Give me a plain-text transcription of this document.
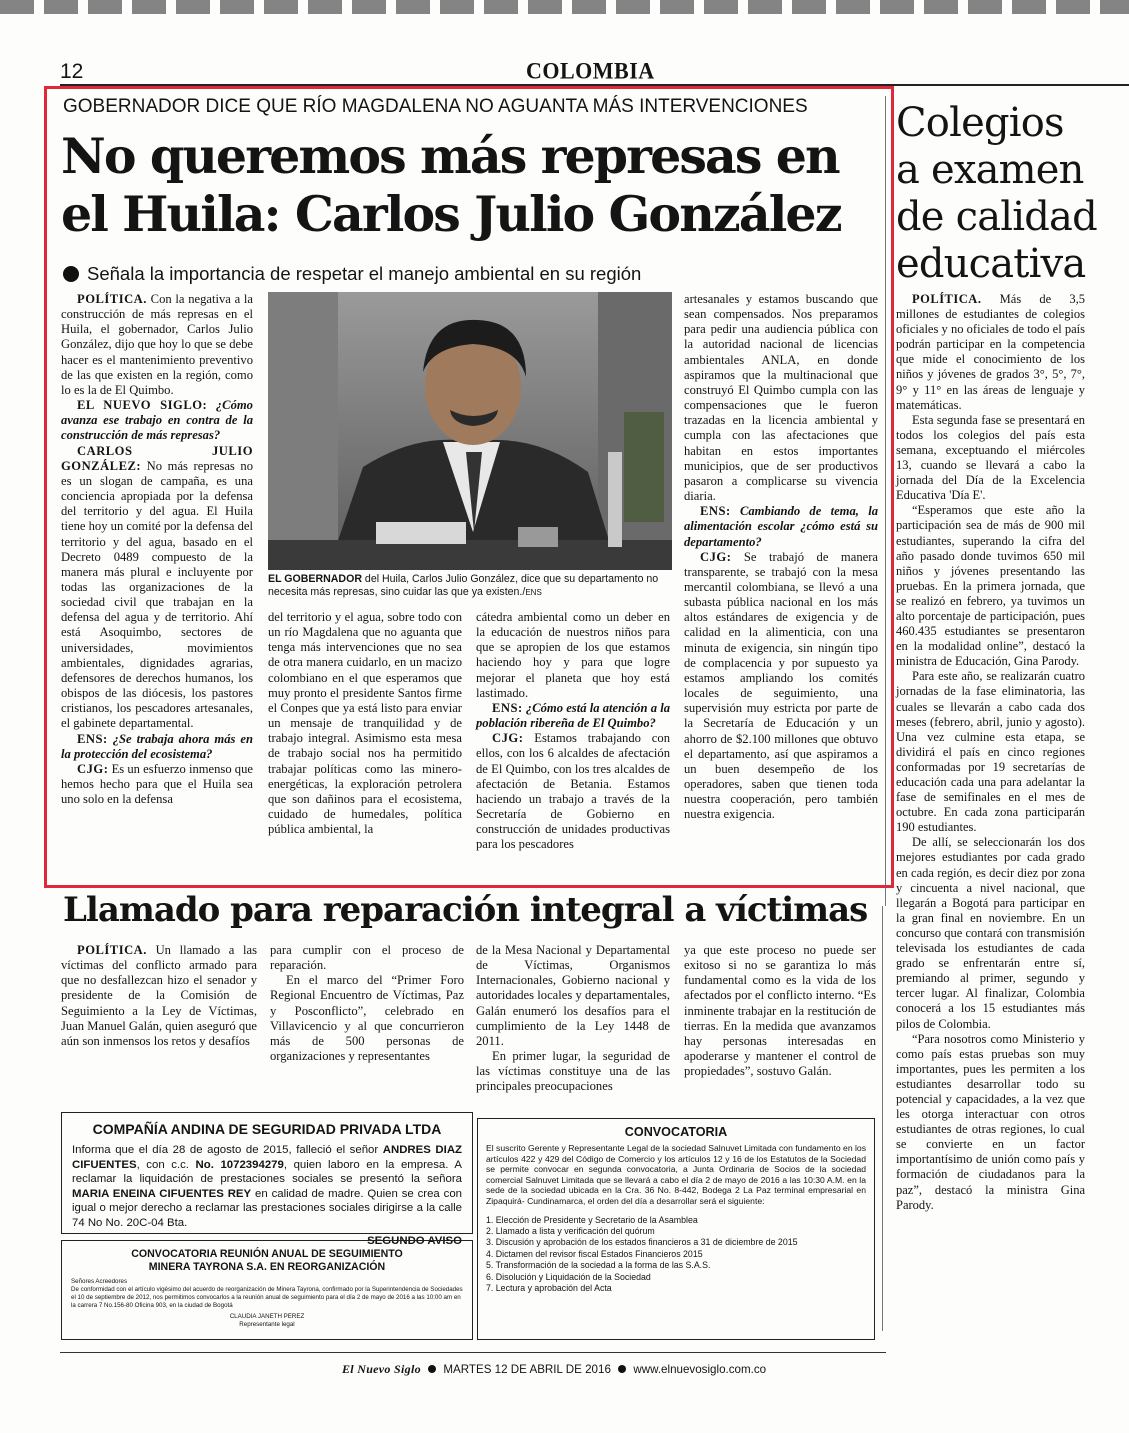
12	COLOMBIA
GOBERNADOR DICE QUE RÍO MAGDALENA NO AGUANTA MÁS INTERVENCIONES
No queremos más represas en
el Huila: Carlos Julio González
Señala la importancia de respetar el manejo ambiental en su región

POLÍTICA. Con la negativa a la construcción de más represas en el Huila, el gobernador, Carlos Julio González, dijo que hoy lo que se debe hacer es el mantenimiento preventivo de las que existen en la región, como lo es la de El Quimbo.

EL NUEVO SIGLO: ¿Cómo avanza ese trabajo en contra de la construcción de más represas?

CARLOS JULIO GONZÁLEZ: No más represas no es un slogan de campaña, es una conciencia apropiada por la defensa del territorio y del agua. El Huila tiene hoy un comité por la defensa del territorio y del agua, basado en el Decreto 0489 compuesto de la manera más plural e incluyente por todas las organizaciones de la sociedad civil que trabajan en la defensa del agua y de territorio. Ahí está Asoquimbo, sectores de universidades, movimientos ambientales, dignidades agrarias, defensores de derechos humanos, los obispos de las diócesis, los pastores cristianos, los pescadores artesanales, el gabinete departamental.

ENS: ¿Se trabaja ahora más en la protección del ecosistema?

CJG: Es un esfuerzo inmenso que hemos hecho para que el Huila sea uno solo en la defensa

EL GOBERNADOR del Huila, Carlos Julio González, dice que su departamento no necesita más represas, sino cuidar las que ya existen./ENS

del territorio y el agua, sobre todo con un río Magdalena que no aguanta que tenga más intervenciones que no sea de otra manera cuidarlo, en un macizo colombiano en el que esperamos que muy pronto el presidente Santos firme el Conpes que ya está listo para enviar un mensaje de tranquilidad y de trabajo integral. Asimismo esta mesa de trabajo social nos ha permitido trabajar políticas como las minero-energéticas, la exploración petrolera que son dañinos para el ecosistema, cuidado de humedales, política pública ambiental, la

cátedra ambiental como un deber en la educación de nuestros niños para que se apropien de los que estamos haciendo hoy y para que logre mejorar el planeta que hoy está lastimado.

ENS: ¿Cómo está la atención a la población ribereña de El Quimbo?

CJG: Estamos trabajando con ellos, con los 6 alcaldes de afectación de El Quimbo, con los tres alcaldes de afectación de Betania. Estamos haciendo un trabajo a través de la Secretaría de Gobierno en construcción de unidades productivas para los pescadores

artesanales y estamos buscando que sean compensados. Nos preparamos para pedir una audiencia pública con la autoridad nacional de licencias ambientales ANLA, en donde aspiramos que la multinacional que construyó El Quimbo cumpla con las compensaciones que le fueron trazadas en la licencia ambiental y cumpla con las afectaciones que habitan en estos importantes municipios, que de ser productivos pasaron a complicarse su vivencia diaria.

ENS: Cambiando de tema, la alimentación escolar ¿cómo está su departamento?

CJG: Se trabajó de manera transparente, se trabajó con la mesa mercantil colombiana, se llevó a una subasta pública nacional en los más altos estándares de exigencia y de calidad en la alimenticia, con una minuta de exigencia, sin ningún tipo de complacencia y por supuesto ya estamos ampliando los comités locales de seguimiento, una supervisión muy estricta por parte de la Secretaría de Educación y un ahorro de $2.100 millones que obtuvo el departamento, así que aspiramos a un buen desempeño de los operadores, saben que tienen toda nuestra cooperación, pero también nuestra exigencia.

Colegios
a examen
de calidad
educativa

POLÍTICA. Más de 3,5 millones de estudiantes de colegios oficiales y no oficiales de todo el país podrán participar en la competencia que mide el conocimiento de los niños y jóvenes de grados 3°, 5°, 7°, 9° y 11° en las áreas de lenguaje y matemáticas.

Esta segunda fase se presentará en todos los colegios del país esta semana, exceptuando el miércoles 13, cuando se llevará a cabo la jornada del Día de la Excelencia Educativa 'Día E'.

“Esperamos que este año la participación sea de más de 900 mil estudiantes, superando la cifra del año pasado donde tuvimos 650 mil niños y jóvenes presentando las pruebas. En la primera jornada, que se realizó en febrero, ya tuvimos un alto porcentaje de participación, pues 460.435 estudiantes se presentaron en la modalidad online”, destacó la ministra de Educación, Gina Parody.

Para este año, se realizarán cuatro jornadas de la fase eliminatoria, las cuales se llevarán a cabo cada dos meses (febrero, abril, junio y agosto). Una vez culmine esta etapa, se dividirá el país en cinco regiones conformadas por 19 secretarías de educación cada una para adelantar la fase de semifinales en el mes de octubre. En cada zona participarán 190 estudiantes.

De allí, se seleccionarán los dos mejores estudiantes por cada grado en cada región, es decir diez por zona y cincuenta a nivel nacional, que llegarán a Bogotá para participar en la gran final en noviembre. En un concurso que contará con transmisión televisada los estudiantes de cada grado se enfrentarán entre sí, premiando al primer, segundo y tercer lugar. Al finalizar, Colombia conocerá a los 15 estudiantes más pilos de Colombia.

“Para nosotros como Ministerio y como país estas pruebas son muy importantes, pues les permiten a los estudiantes desarrollar todo su potencial y capacidades, a la vez que les otorga interactuar con otros estudiantes de otras regiones, lo cual se convierte en un factor importantísimo de unión como país y formación de ciudadanos para la paz”, destacó la ministra Gina Parody.

Llamado para reparación integral a víctimas

POLÍTICA. Un llamado a las víctimas del conflicto armado para que no desfallezcan hizo el senador y presidente de la Comisión de Seguimiento a la Ley de Víctimas, Juan Manuel Galán, quien aseguró que aún son inmensos los retos y desafíos

para cumplir con el proceso de reparación.

En el marco del “Primer Foro Regional Encuentro de Víctimas, Paz y Posconflicto”, celebrado en Villavicencio y al que concurrieron más de 500 personas de organizaciones y representantes

de la Mesa Nacional y Departamental de Víctimas, Organismos Internacionales, Gobierno nacional y autoridades locales y departamentales, Galán enumeró los desafíos para el cumplimiento de la Ley 1448 de 2011.

En primer lugar, la seguridad de las víctimas constituye una de las principales preocupaciones

ya que este proceso no puede ser exitoso si no se garantiza lo más fundamental como es la vida de los afectados por el conflicto interno. “Es inminente trabajar en la restitución de tierras. En la medida que avanzamos hay personas interesadas en apoderarse y mantener el control de propiedades”, sostuvo Galán.

COMPAÑÍA ANDINA DE SEGURIDAD PRIVADA LTDA
Informa que el día 28 de agosto de 2015, falleció el señor ANDRES DIAZ CIFUENTES, con c.c. No. 1072394279, quien laboro en la empresa. A reclamar la liquidación de prestaciones sociales se presentó la señora MARIA ENEINA CIFUENTES REY en calidad de madre. Quien se crea con igual o mejor derecho a reclamar las prestaciones sociales dirigirse a la calle 74 No No. 20C-04 Bta.
SEGUNDO AVISO
CONVOCATORIA REUNIÓN ANUAL DE SEGUIMIENTO
MINERA TAYRONA S.A. EN REORGANIZACIÓN
Señores Acreedores
De conformidad con el artículo vigésimo del acuerdo de reorganización de Minera Tayrona, confirmado por la Superintendencia de Sociedades el 10 de septiembre de 2012, nos permitimos convocarlos a la reunión anual de seguimiento para el día 2 de mayo de 2016 a las 10:00 am en la carrera 7 No.156-80 Oficina 903, en la ciudad de Bogotá
CLAUDIA JANETH PEREZ
Representante legal
CONVOCATORIA
El suscrito Gerente y Representante Legal de la sociedad Salnuvet Limitada con fundamento en los artículos 422 y 429 del Código de Comercio y los artículos 12 y 16 de los Estatutos de la Sociedad se permite convocar en segunda convocatoria, a Junta Ordinaria de Socios de la sociedad comercial Salnuvet Limitada que se llevará a cabo el día 2 de mayo de 2016 a las 10:30 A.M. en la sede de la sociedad ubicada en la Cra. 36 No. 8-442, Bodega 2 La Paz terminal empresarial en Zipaquirá- Cundinamarca, el orden del día a desarrollar será el siguiente:
1. Elección de Presidente y Secretario de la Asamblea
2. Llamado a lista y verificación del quórum
3. Discusión y aprobación de los estados financieros a 31 de diciembre de 2015
4. Dictamen del revisor fiscal Estados Financieros 2015
5. Transformación de la sociedad a la forma de las S.A.S.
6. Disolución y Liquidación de la Sociedad
7. Lectura y aprobación del Acta
El Nuevo Siglo MARTES 12 DE ABRIL DE 2016 www.elnuevosiglo.com.co
